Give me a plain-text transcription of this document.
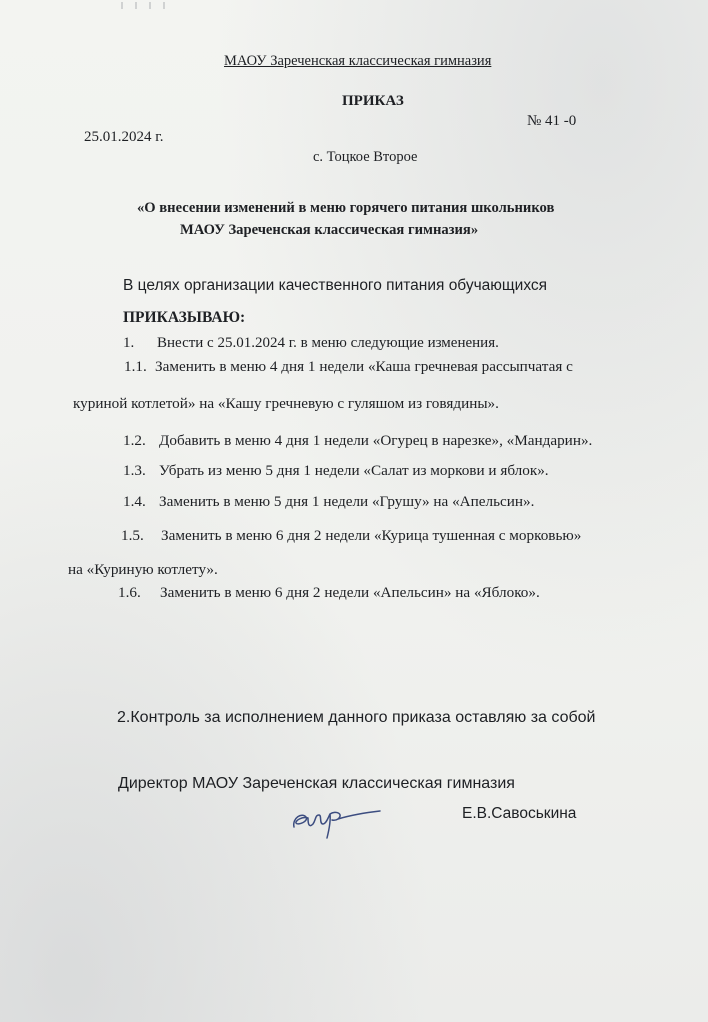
МАОУ Зареченская классическая гимназия
ПРИКАЗ
№ 41 -0
25.01.2024 г.
с. Тоцкое Второе
«О внесении изменений в меню горячего питания школьников
МАОУ Зареченская классическая гимназия»
В целях организации качественного питания обучающихся
ПРИКАЗЫВАЮ:
1. Внести с 25.01.2024 г. в меню следующие изменения.
1.1. Заменить в меню 4 дня 1 недели «Каша гречневая рассыпчатая с
куриной котлетой» на «Кашу гречневую с гуляшом из говядины».
1.2. Добавить в меню 4 дня 1 недели «Огурец в нарезке», «Мандарин».
1.3. Убрать из меню 5 дня 1 недели «Салат из моркови и яблок».
1.4. Заменить в меню 5 дня 1 недели «Грушу» на «Апельсин».
1.5. Заменить в меню 6 дня 2 недели «Курица тушенная с морковью»
на «Куриную котлету».
1.6. Заменить в меню 6 дня 2 недели «Апельсин» на «Яблоко».
2.Контроль за исполнением данного приказа оставляю за собой
Директор МАОУ Зареченская классическая гимназия
Е.В.Савоськина
